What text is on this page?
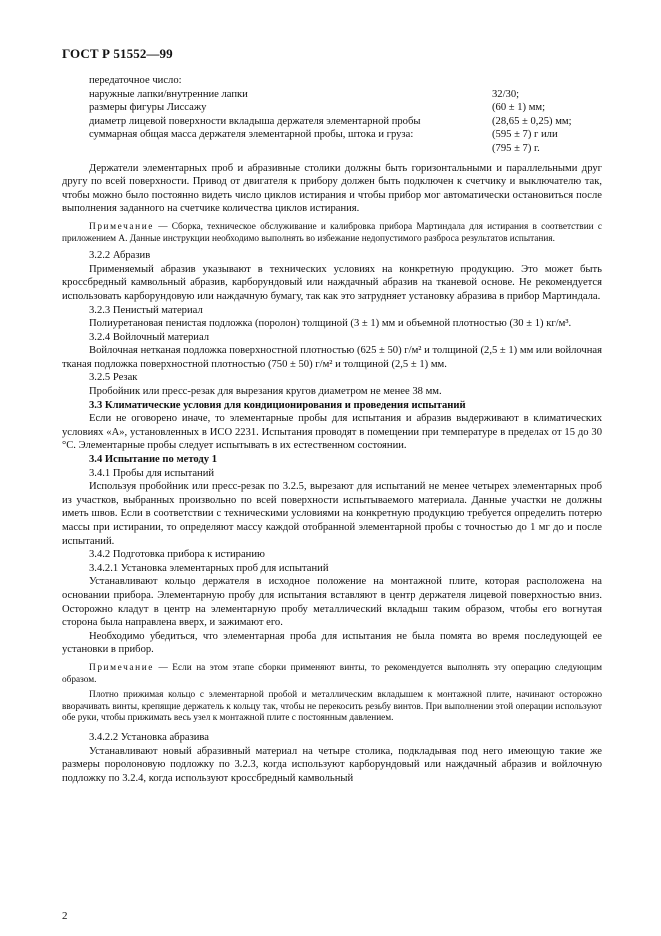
ГОСТ Р 51552—99
передаточное число:
наружные лапки/внутренние лапки	32/30;
размеры фигуры Лиссажу	(60 ± 1) мм;
диаметр лицевой поверхности вкладыша держателя элементарной пробы	(28,65 ± 0,25) мм;
суммарная общая масса держателя элементарной пробы, штока и груза:	(595 ± 7) г или
(795 ± 7) г.

Держатели элементарных проб и абразивные столики должны быть горизонтальными и параллельными друг другу по всей поверхности. Привод от двигателя к прибору должен быть подключен к счетчику и выключателю так, чтобы можно было постоянно видеть число циклов истирания и чтобы прибор мог автоматически остановиться после выполнения заданного на счетчике количества циклов истирания.

Примечание — Сборка, техническое обслуживание и калибровка прибора Мартиндала для истирания в соответствии с приложением А. Данные инструкции необходимо выполнять во избежание недопустимого разброса результатов испытания.

3.2.2 Абразив

Применяемый абразив указывают в технических условиях на конкретную продукцию. Это может быть кроссбредный камвольный абразив, карборундовый или наждачный абразив на тканевой основе. Не рекомендуется использовать карборундовую или наждачную бумагу, так как это затрудняет установку абразива в прибор Мартиндала.

3.2.3 Пенистый материал

Полиуретановая пенистая подложка (поролон) толщиной (3 ± 1) мм и объемной плотностью (30 ± 1) кг/м³.

3.2.4 Войлочный материал

Войлочная нетканая подложка поверхностной плотностью (625 ± 50) г/м² и толщиной (2,5 ± 1) мм или войлочная тканая подложка поверхностной плотностью (750 ± 50) г/м² и толщиной (2,5 ± 1) мм.

3.2.5 Резак

Пробойник или пресс-резак для вырезания кругов диаметром не менее 38 мм.

3.3 Климатические условия для кондиционирования и проведения испытаний

Если не оговорено иначе, то элементарные пробы для испытания и абразив выдерживают в климатических условиях «А», установленных в ИСО 2231. Испытания проводят в помещении при температуре в пределах от 15 до 30 °С. Элементарные пробы следует испытывать в их естественном состоянии.

3.4 Испытание по методу 1
3.4.1 Пробы для испытаний

Используя пробойник или пресс-резак по 3.2.5, вырезают для испытаний не менее четырех элементарных проб из участков, выбранных произвольно по всей поверхности испытываемого материала. Данные участки не должны иметь швов. Если в соответствии с техническими условиями на конкретную продукцию требуется определить потерю массы при истирании, то определяют массу каждой отобранной элементарной пробы с точностью до 1 мг до и после испытаний.

3.4.2 Подготовка прибора к истиранию
3.4.2.1 Установка элементарных проб для испытаний

Устанавливают кольцо держателя в исходное положение на монтажной плите, которая расположена на основании прибора. Элементарную пробу для испытания вставляют в центр держателя лицевой поверхностью вниз. Осторожно кладут в центр на элементарную пробу металлический вкладыш таким образом, чтобы его вогнутая сторона была направлена вверх, и зажимают его.

Необходимо убедиться, что элементарная проба для испытания не была помята во время последующей ее установки в прибор.

Примечание — Если на этом этапе сборки применяют винты, то рекомендуется выполнять эту операцию следующим образом.

Плотно прижимая кольцо с элементарной пробой и металлическим вкладышем к монтажной плите, начинают осторожно вворачивать винты, крепящие держатель к кольцу так, чтобы не перекосить резьбу винтов. При выполнении этой операции используют обе руки, чтобы прижимать весь узел к монтажной плите с постоянным давлением.

3.4.2.2 Установка абразива

Устанавливают новый абразивный материал на четыре столика, подкладывая под него имеющую такие же размеры поролоновую подложку по 3.2.3, когда используют карборундовый или наждачный абразив и войлочную подложку по 3.2.4, когда используют кроссбредный камвольный

2
